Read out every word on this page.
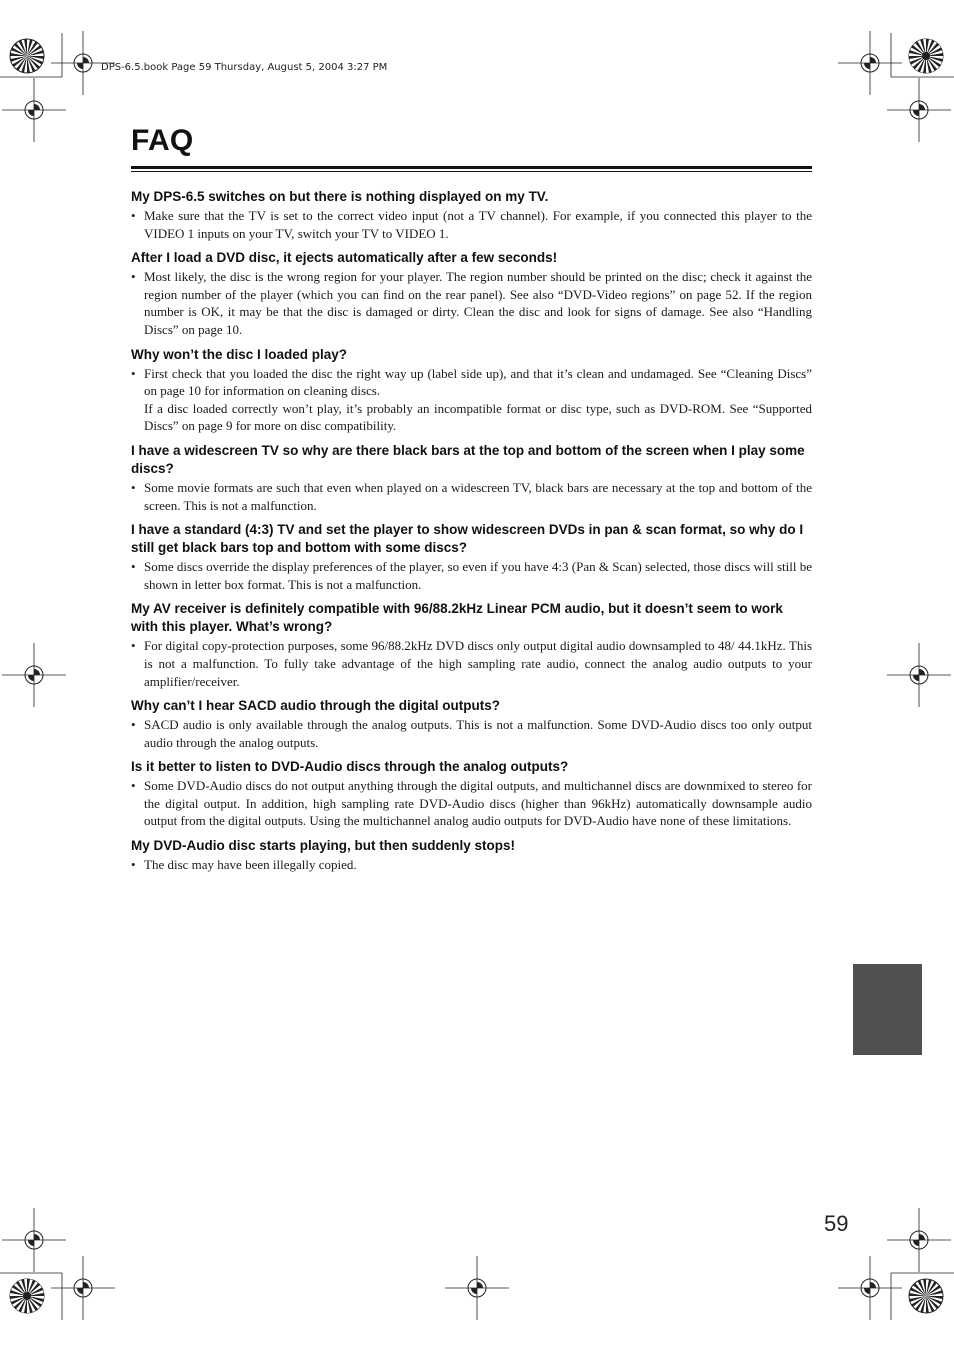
DPS-6.5.book Page 59 Thursday, August 5, 2004 3:27 PM
FAQ
My DPS-6.5 switches on but there is nothing displayed on my TV.
• Make sure that the TV is set to the correct video input (not a TV channel). For example, if you connected this player to the VIDEO 1 inputs on your TV, switch your TV to VIDEO 1.

After I load a DVD disc, it ejects automatically after a few seconds!
• Most likely, the disc is the wrong region for your player. The region number should be printed on the disc; check it against the region number of the player (which you can find on the rear panel). See also “DVD-Video regions” on page 52. If the region number is OK, it may be that the disc is damaged or dirty. Clean the disc and look for signs of damage. See also “Handling Discs” on page 10.

Why won’t the disc I loaded play?
• First check that you loaded the disc the right way up (label side up), and that it’s clean and undamaged. See “Cleaning Discs” on page 10 for information on cleaning discs.

If a disc loaded correctly won’t play, it’s probably an incompatible format or disc type, such as DVD-ROM. See “Supported Discs” on page 9 for more on disc compatibility.

I have a widescreen TV so why are there black bars at the top and bottom of the screen when I play some discs?
• Some movie formats are such that even when played on a widescreen TV, black bars are necessary at the top and bottom of the screen. This is not a malfunction.

I have a standard (4:3) TV and set the player to show widescreen DVDs in pan & scan format, so why do I still get black bars top and bottom with some discs?
• Some discs override the display preferences of the player, so even if you have 4:3 (Pan & Scan) selected, those discs will still be shown in letter box format. This is not a malfunction.

My AV receiver is definitely compatible with 96/88.2kHz Linear PCM audio, but it doesn’t seem to work with this player. What’s wrong?
• For digital copy-protection purposes, some 96/88.2kHz DVD discs only output digital audio downsampled to 48/ 44.1kHz. This is not a malfunction. To fully take advantage of the high sampling rate audio, connect the analog audio outputs to your amplifier/receiver.

Why can’t I hear SACD audio through the digital outputs?
• SACD audio is only available through the analog outputs. This is not a malfunction. Some DVD-Audio discs too only output audio through the analog outputs.

Is it better to listen to DVD-Audio discs through the analog outputs?
• Some DVD-Audio discs do not output anything through the digital outputs, and multichannel discs are downmixed to stereo for the digital output. In addition, high sampling rate DVD-Audio discs (higher than 96kHz) automatically downsample audio output from the digital outputs. Using the multichannel analog audio outputs for DVD-Audio have none of these limitations.

My DVD-Audio disc starts playing, but then suddenly stops!
• The disc may have been illegally copied.

59
